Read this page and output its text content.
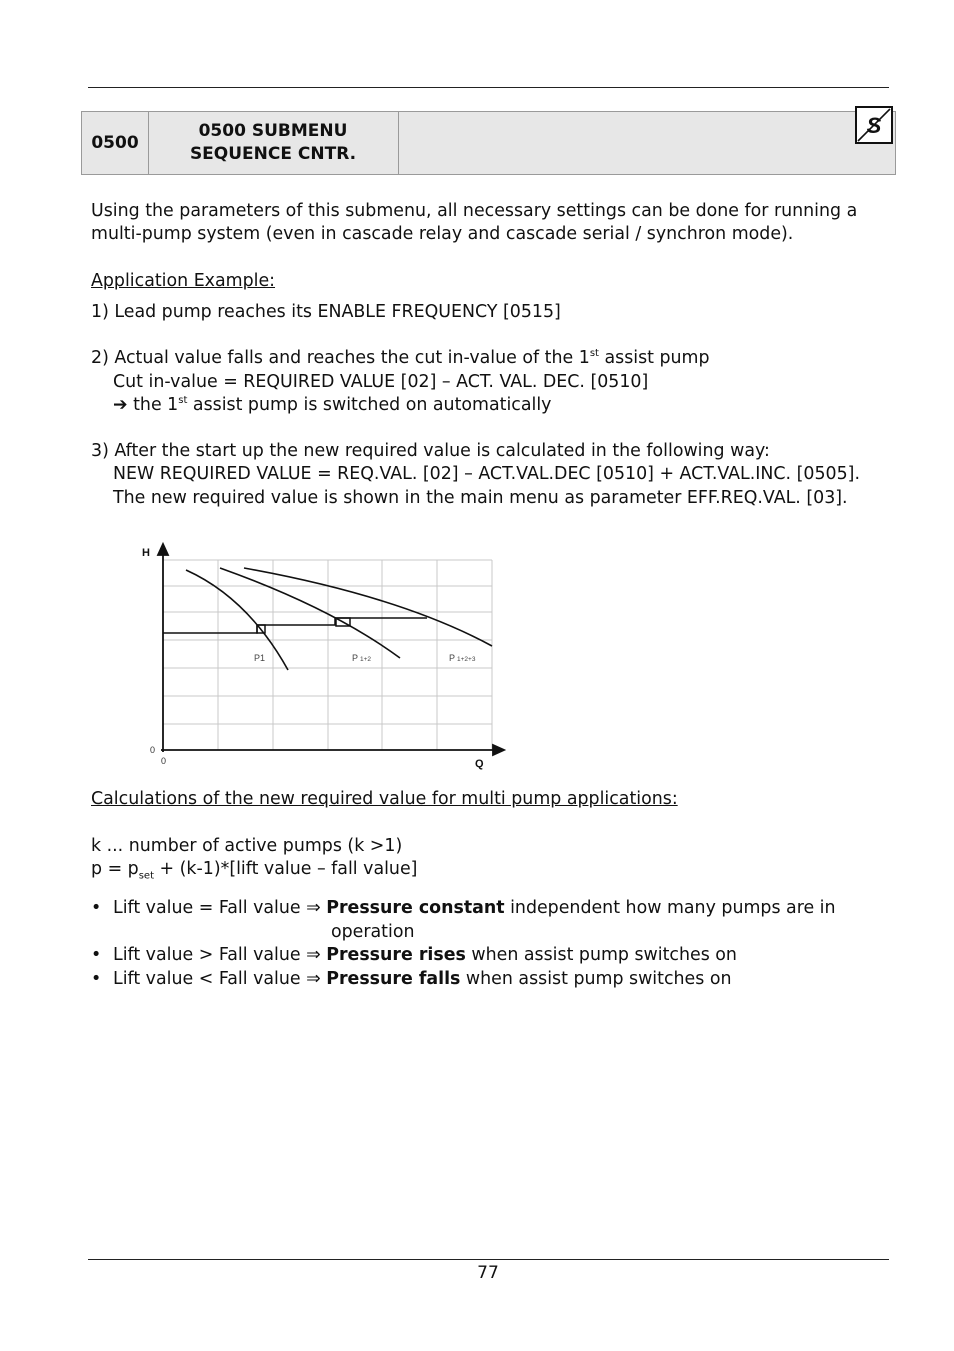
0500
0500 SUBMENU
SEQUENCE CNTR.
S
Using the parameters of this submenu, all necessary settings can be done for running a
multi-pump system (even in cascade relay and cascade serial / synchron mode).
Application Example:
1) Lead pump reaches its ENABLE FREQUENCY [0515]
2) Actual value falls and reaches the cut in-value of the 1st assist pump
Cut in-value = REQUIRED VALUE [02] – ACT. VAL. DEC. [0510]
➔ the 1st assist pump is switched on automatically
3) After the start up the new required value is calculated in the following way:
NEW REQUIRED VALUE = REQ.VAL. [02] – ACT.VAL.DEC [0510] + ACT.VAL.INC. [0505].
The new required value is shown in the main menu as parameter EFF.REQ.VAL. [03].
H
Q
0
0
P1	P 1+2	P 1+2+3
Calculations of the new required value for multi pump applications:
k ... number of active pumps (k >1)
$p = p_{set}$ + (k-1)*[lift value – fall value]
• Lift value = Fall value ⇒ Pressure constant independent how many pumps are in
operation
• Lift value > Fall value ⇒ Pressure rises when assist pump switches on
• Lift value < Fall value ⇒ Pressure falls when assist pump switches on
77
